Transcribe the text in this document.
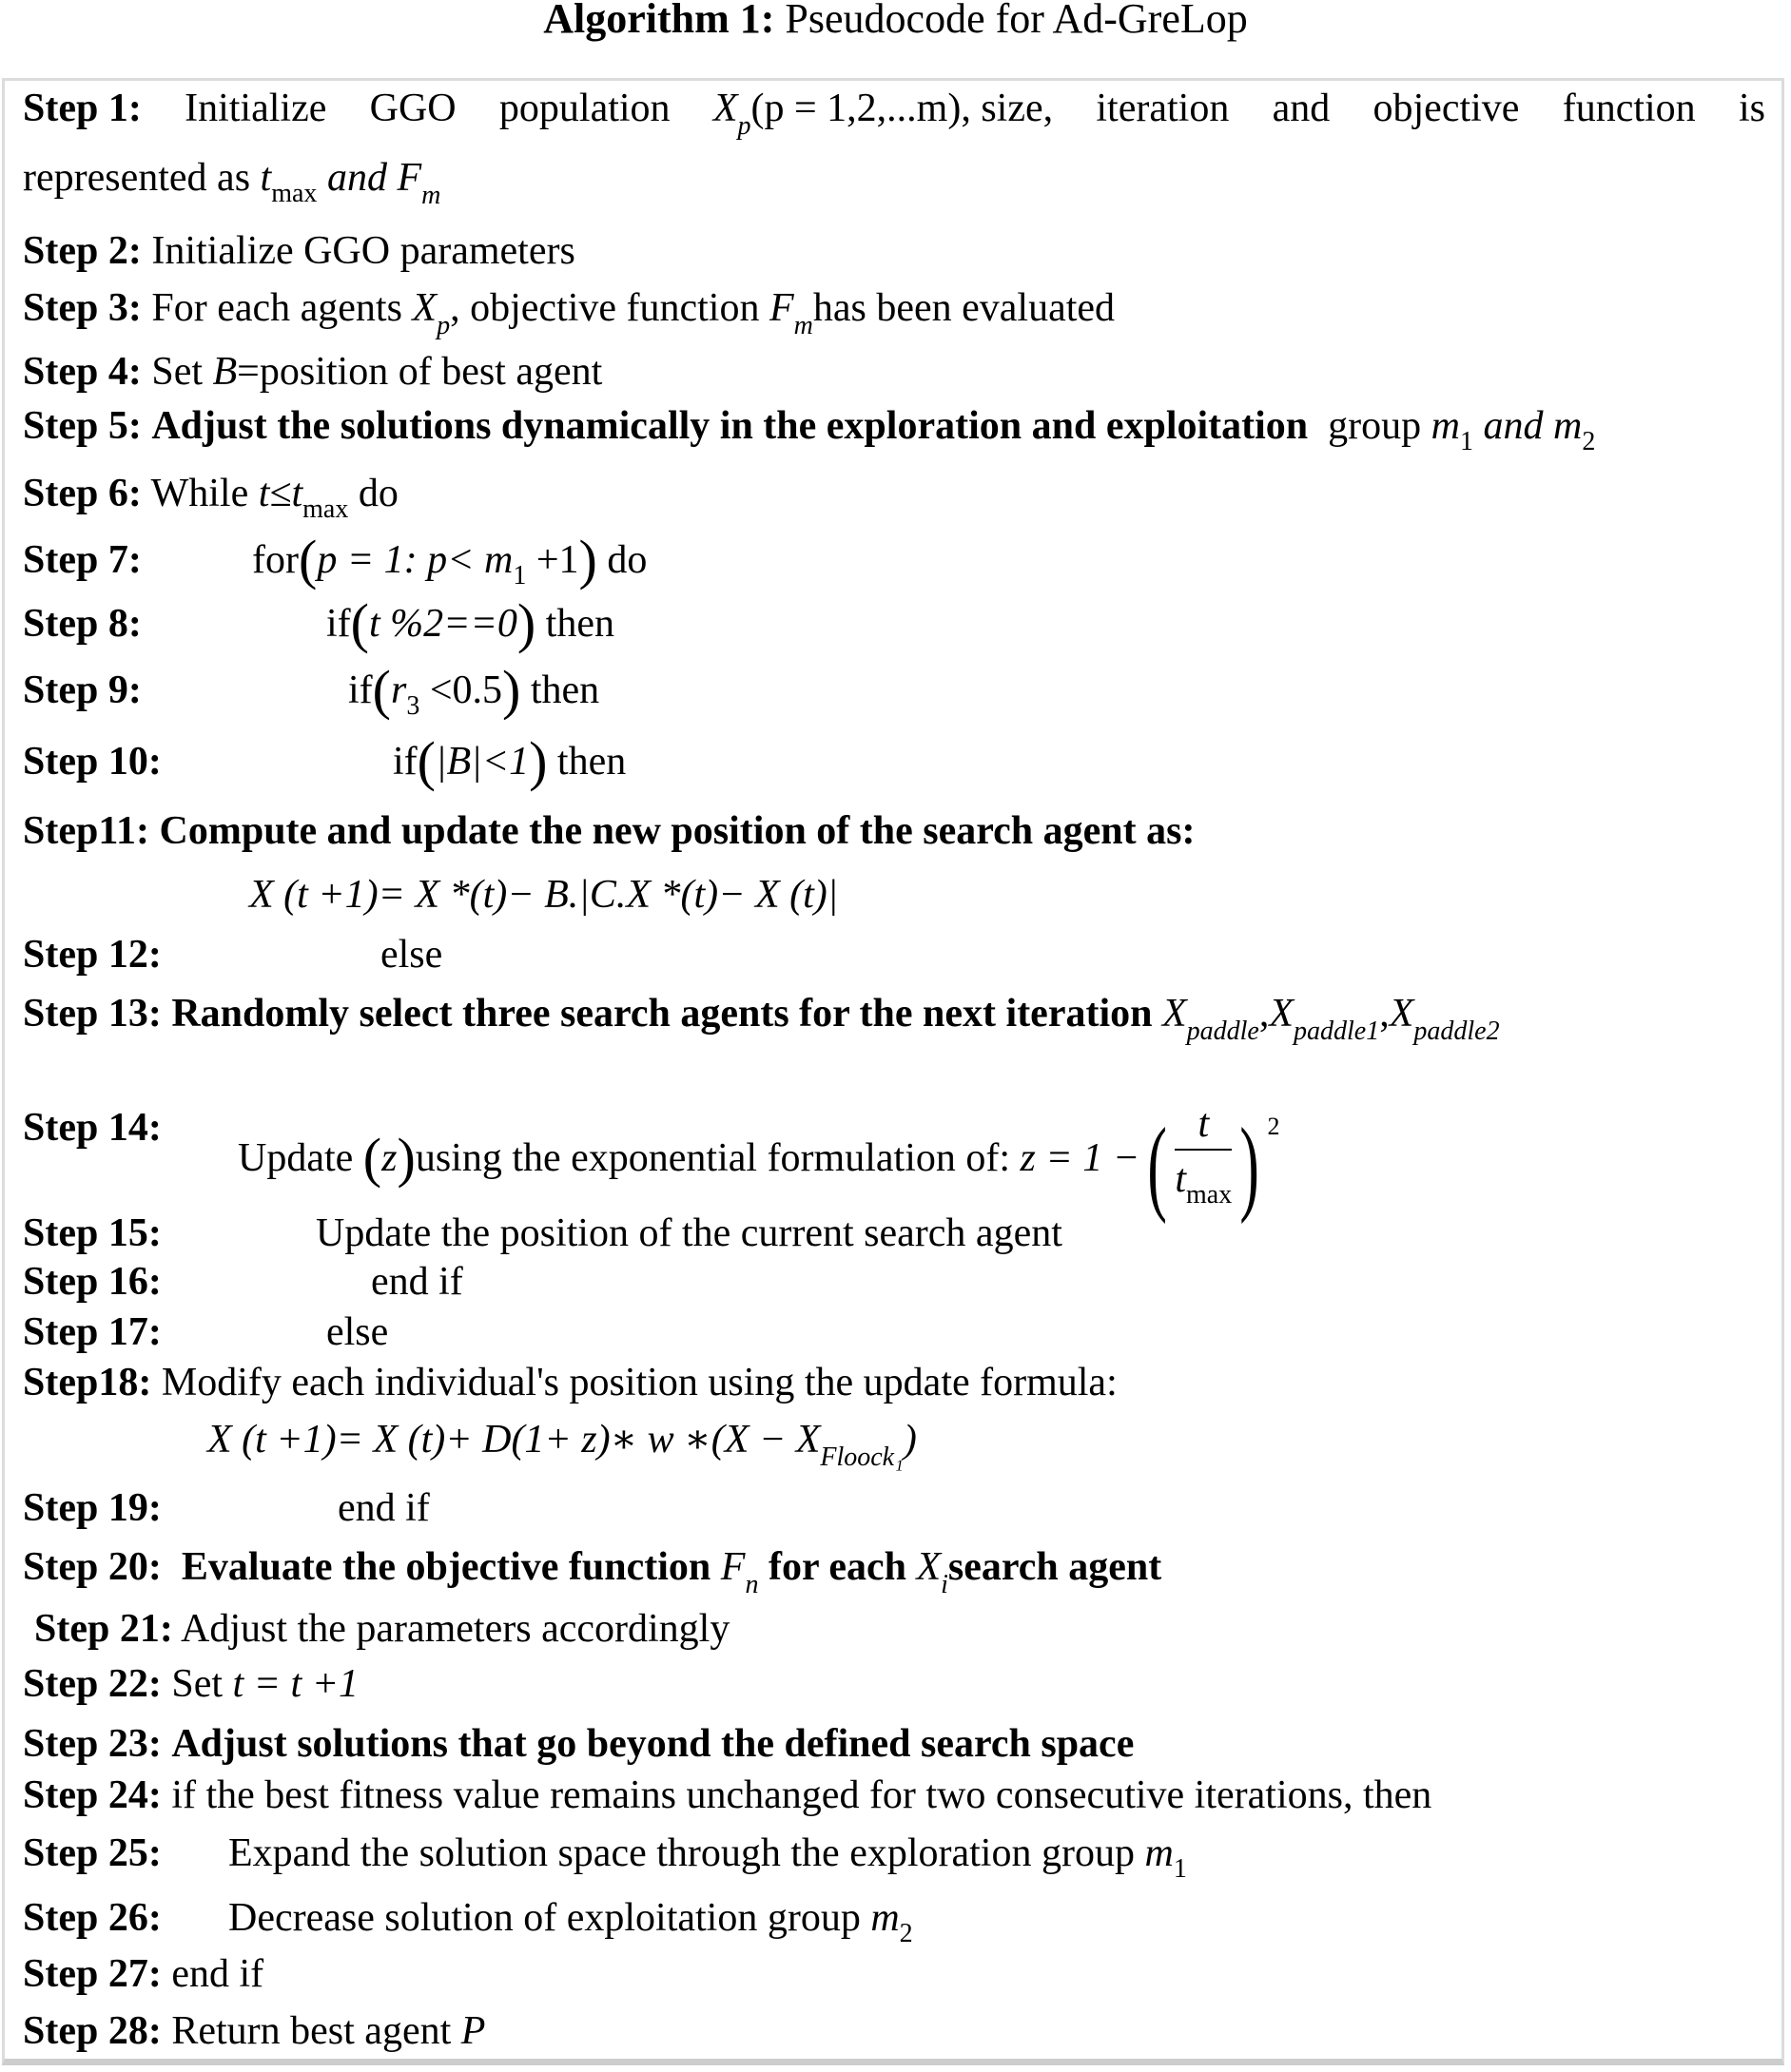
Algorithm 1: Pseudocode for Ad-GreLop
Step 1: Initialize GGO population $X_p(p = 1,2,...m)$, size, iteration and objective function is
represented as $t_{max}$ and $F_m$
Step 2: Initialize GGO parameters
Step 3: For each agents $X_p$, objective function $F_mhas$ been evaluated
Step 4: Set B=position of best agent
Step 5: Adjust the solutions dynamically in the exploration and exploitation group $m_1$ and $m_2$
Step 6: While $t\le t_{max}$ do
Step 7:	for(p = 1: $p< m_1 +1$) do
Step 8:	if(t %2==0) then
Step 9:	$if(r_3 <0.5)$ then
Step 10:	if(|B|<1) then
Step11: Compute and update the new position of the search agent as:
X (t +1)= X *(t)− B.|C.X *(t)− X (t)|
Step 12:	else
Step 13: Randomly select three search agents for the next iteration $X_{paddle},X_{paddle1},X_{paddle2}$
Step 14:
Update (z)using the exponential formulation of: z = 1 −( $\frac{t}{t_{max}}$ ) $^2$
Step 15:	Update the position of the current search agent
Step 16:	end if
Step 17:	else
Step18: Modify each individual's position using the update formula:
X (t +1)= X (t)+ D(1+ z)∗ w ∗(X − $X_{Floock_1}$)
Step 19:	end if
Step 20: Evaluate the objective function $F_n$ for each $X_isearch$ agent
Step 21: Adjust the parameters accordingly
Step 22: Set t = t +1
Step 23: Adjust solutions that go beyond the defined search space
Step 24: if the best fitness value remains unchanged for two consecutive iterations, then
Step 25: Expand the solution space through the exploration group $m_1$
Step 26: Decrease solution of exploitation group $m_2$
Step 27: end if
Step 28: Return best agent P
